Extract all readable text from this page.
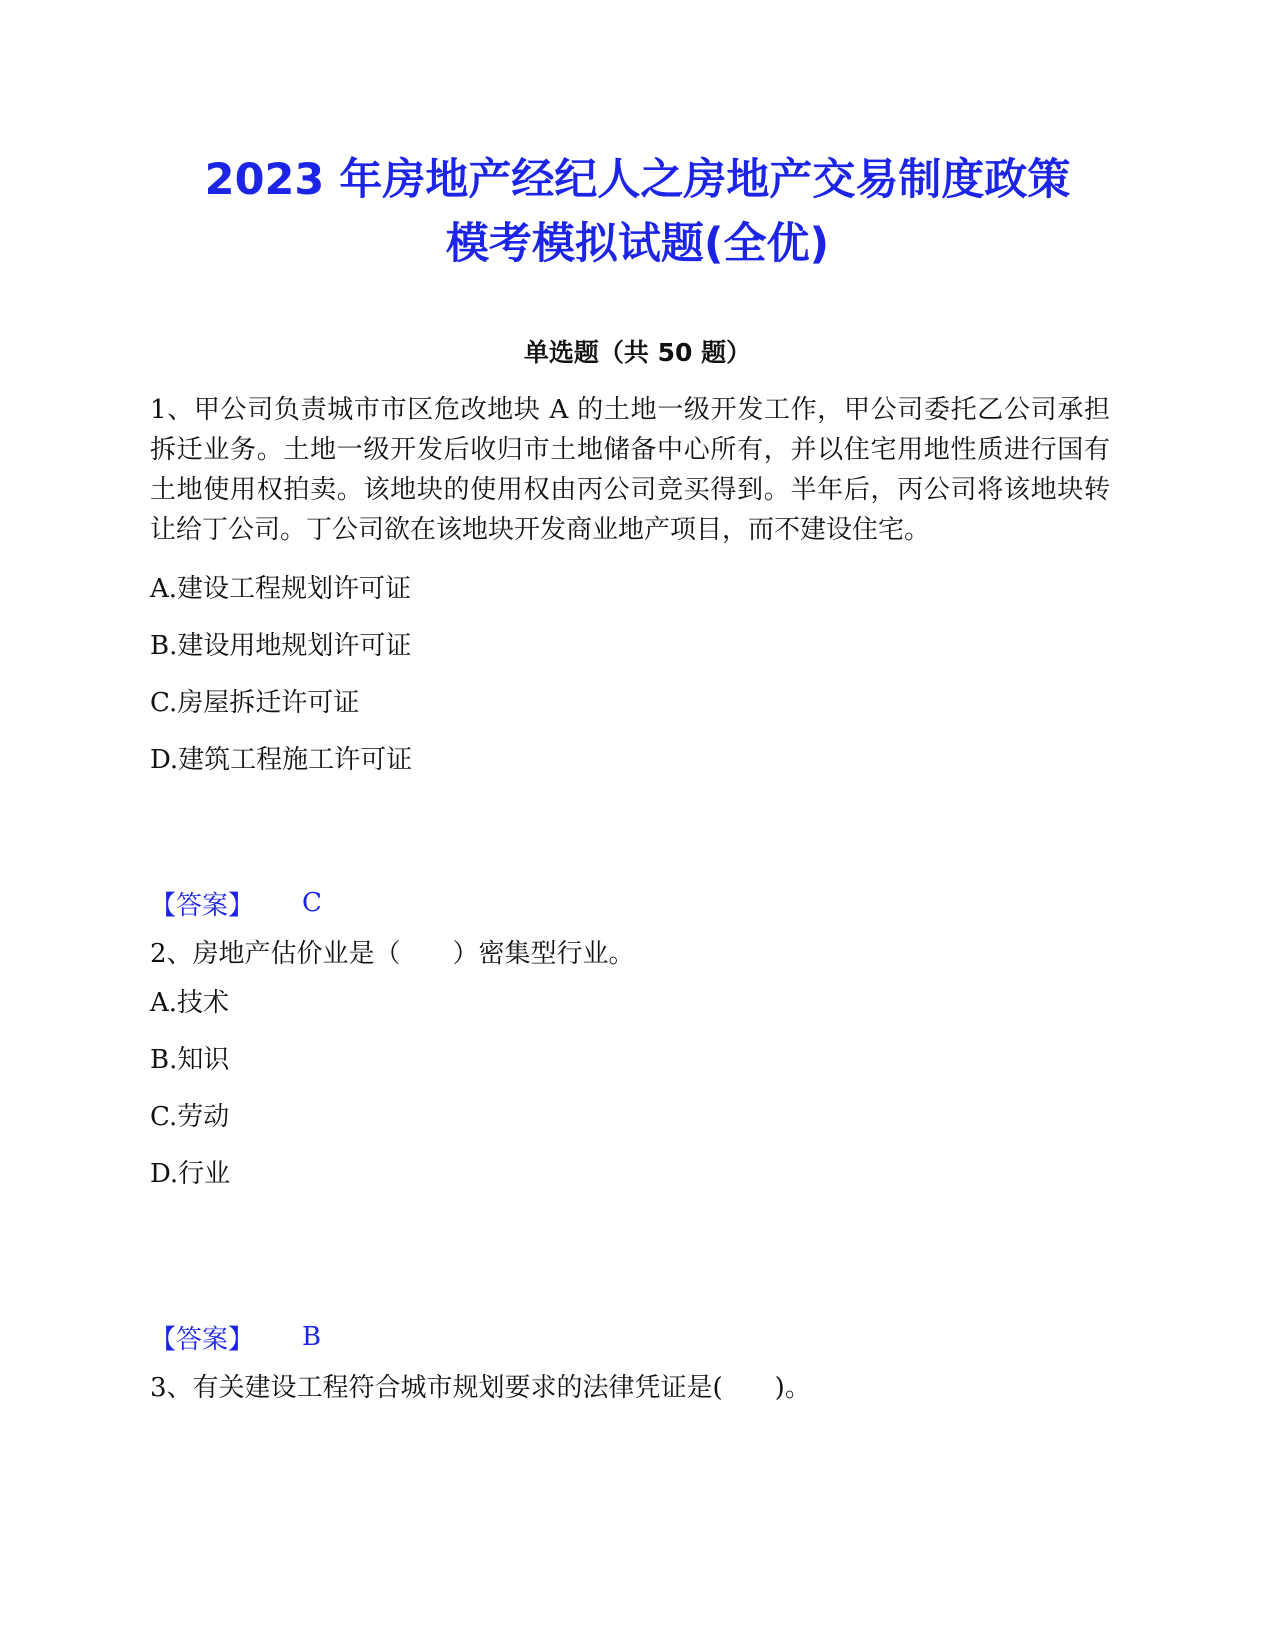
2023 年房地产经纪人之房地产交易制度政策
模考模拟试题(全优)
单选题（共 50 题）

1、甲公司负责城市市区危改地块 A 的土地一级开发工作，甲公司委托乙公司承担拆迁业务。土地一级开发后收归市土地储备中心所有，并以住宅用地性质进行国有土地使用权拍卖。该地块的使用权由丙公司竞买得到。半年后，丙公司将该地块转让给丁公司。丁公司欲在该地块开发商业地产项目，而不建设住宅。

A.建设工程规划许可证
B.建设用地规划许可证
C.房屋拆迁许可证
D.建筑工程施工许可证
【答案】	C

2、房地产估价业是（　　）密集型行业。

A.技术
B.知识
C.劳动
D.行业
【答案】	B

3、有关建设工程符合城市规划要求的法律凭证是(　　)。
